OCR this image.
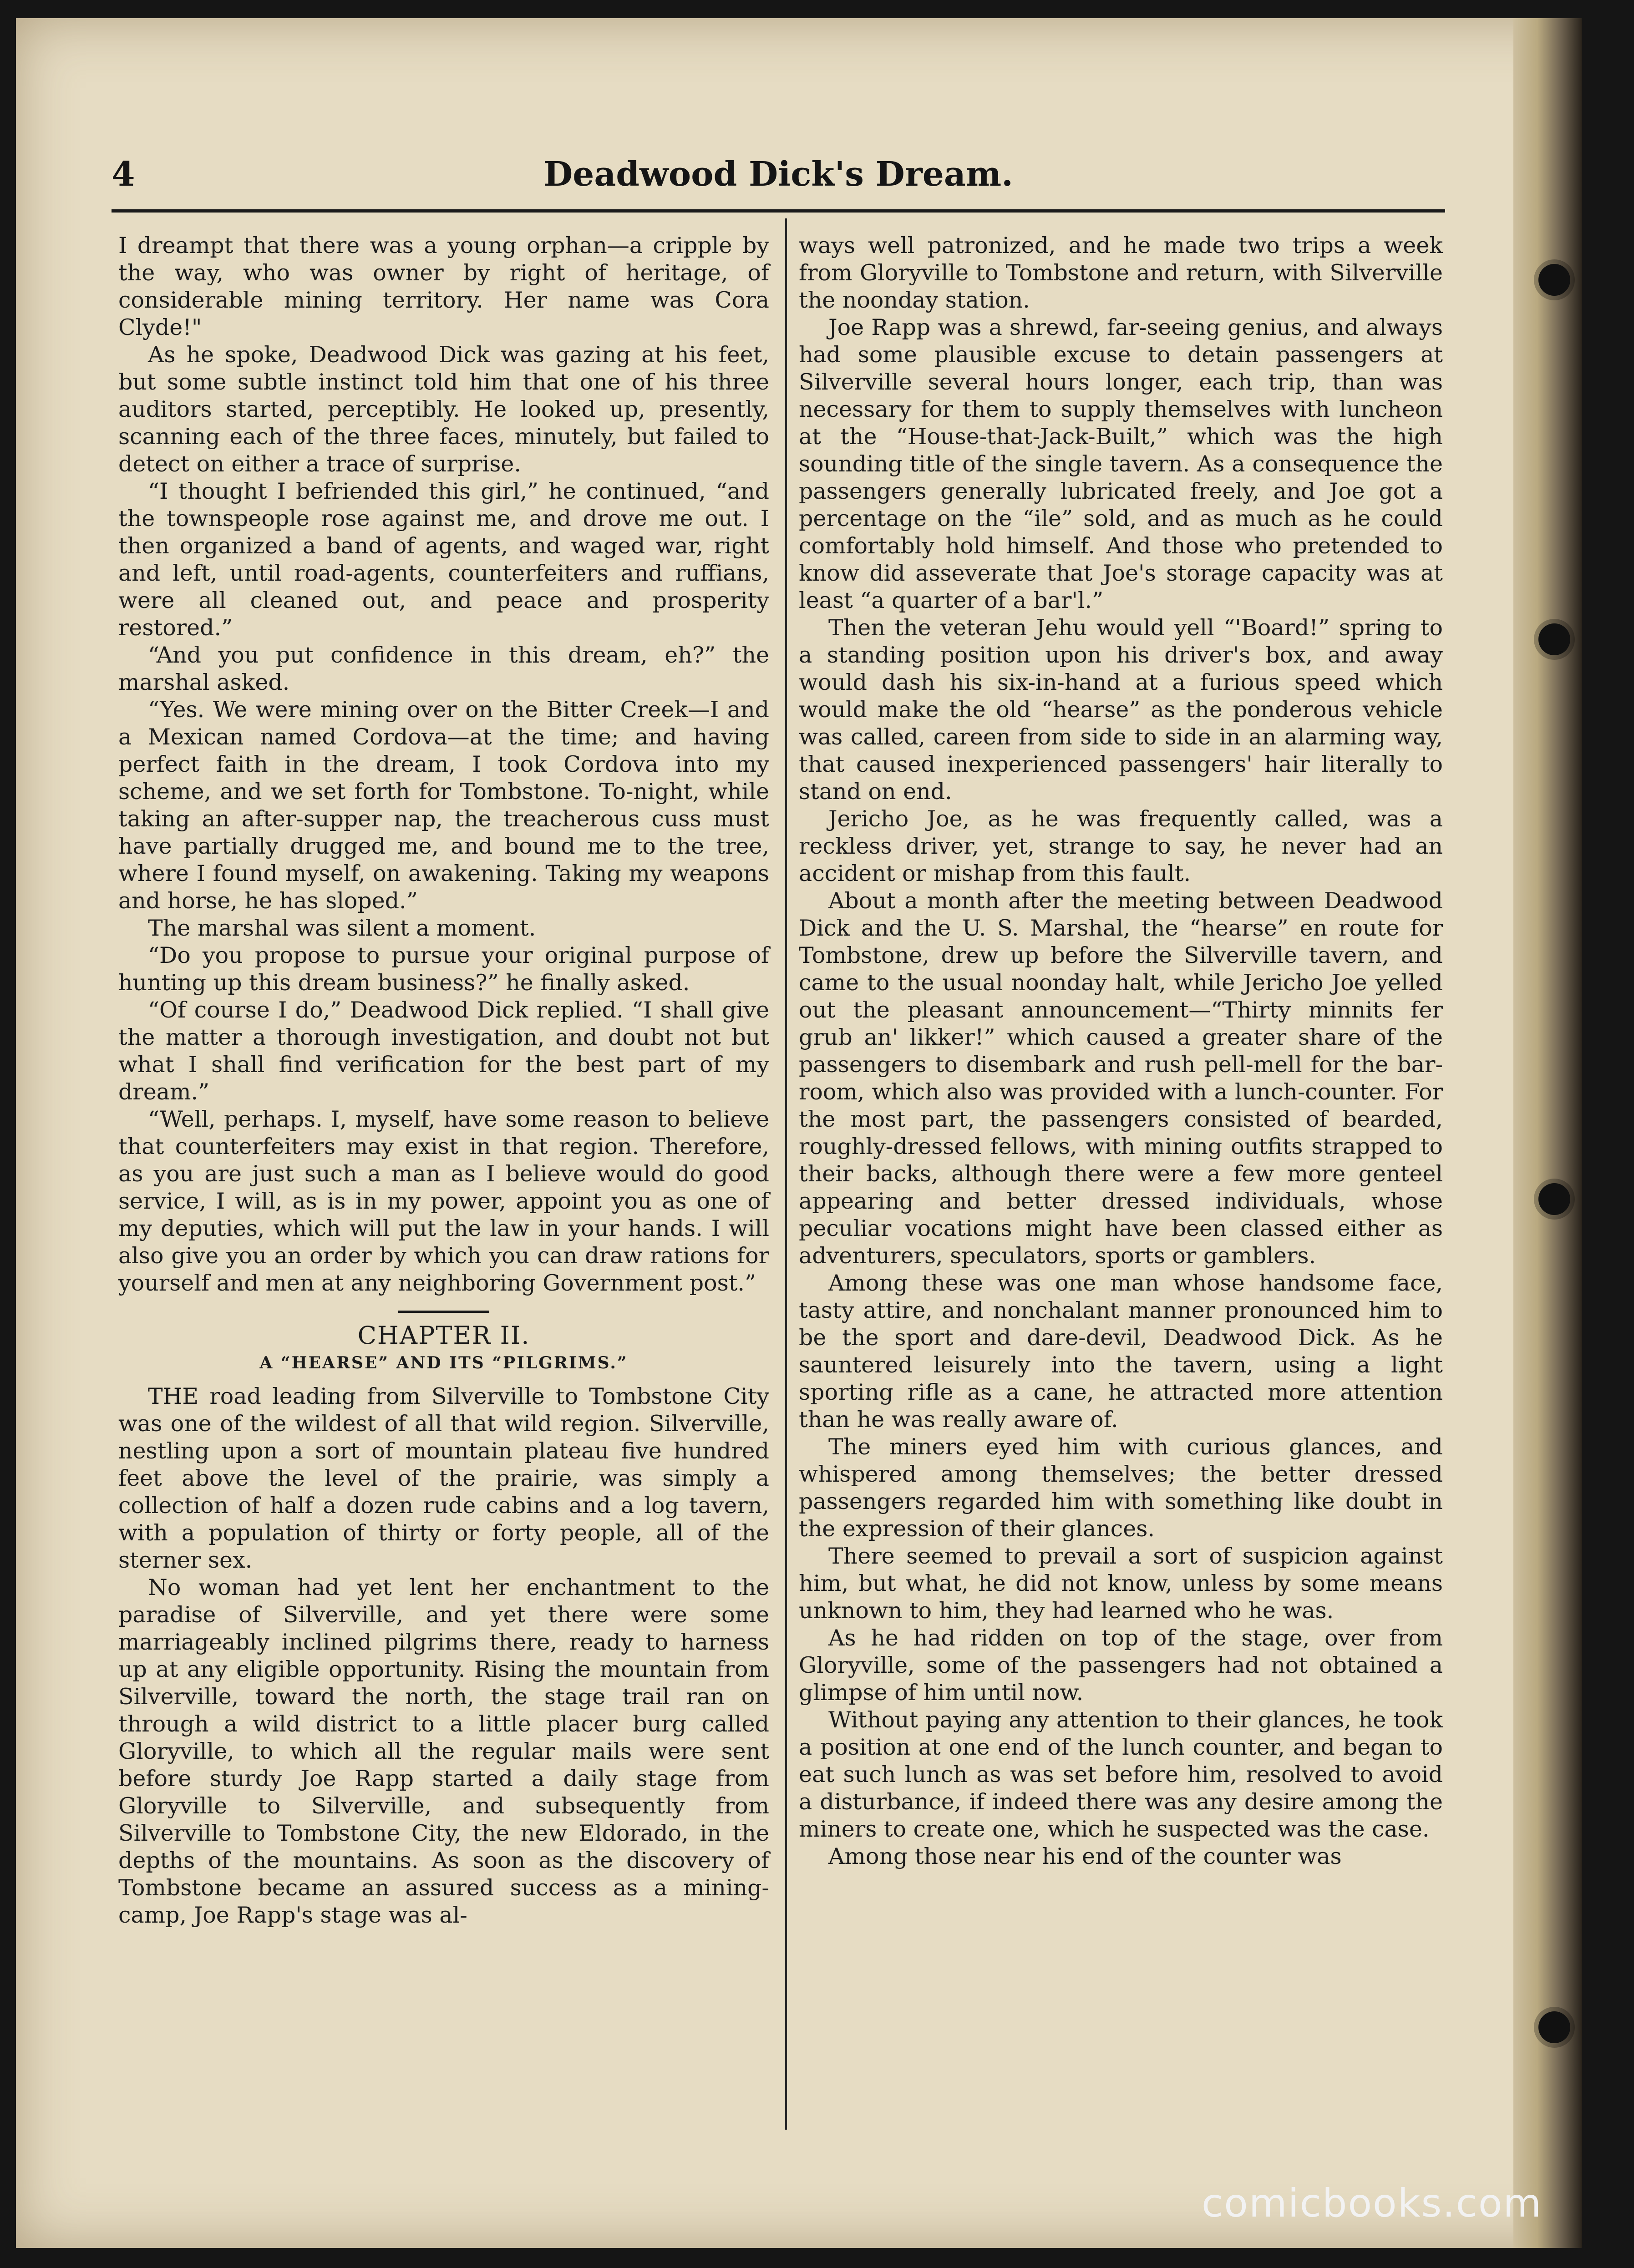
4	Deadwood Dick's Dream.

I dreampt that there was a young orphan—a cripple by the way, who was owner by right of heritage, of considerable mining territory. Her name was Cora Clyde!"

As he spoke, Deadwood Dick was gazing at his feet, but some subtle instinct told him that one of his three auditors started, perceptibly. He looked up, presently, scanning each of the three faces, minutely, but failed to detect on either a trace of surprise.

“I thought I befriended this girl,” he continued, “and the townspeople rose against me, and drove me out. I then organized a band of agents, and waged war, right and left, until road-agents, counterfeiters and ruffians, were all cleaned out, and peace and prosperity restored.”

“And you put confidence in this dream, eh?” the marshal asked.

“Yes. We were mining over on the Bitter Creek—I and a Mexican named Cordova—at the time; and having perfect faith in the dream, I took Cordova into my scheme, and we set forth for Tombstone. To-night, while taking an after-supper nap, the treacherous cuss must have partially drugged me, and bound me to the tree, where I found myself, on awakening. Taking my weapons and horse, he has sloped.”

The marshal was silent a moment.

“Do you propose to pursue your original purpose of hunting up this dream business?” he finally asked.

“Of course I do,” Deadwood Dick replied. “I shall give the matter a thorough investigation, and doubt not but what I shall find verification for the best part of my dream.”

“Well, perhaps. I, myself, have some reason to believe that counterfeiters may exist in that region. Therefore, as you are just such a man as I believe would do good service, I will, as is in my power, appoint you as one of my deputies, which will put the law in your hands. I will also give you an order by which you can draw rations for yourself and men at any neighboring Government post.”

CHAPTER II.
A “HEARSE” AND ITS “PILGRIMS.”

THE road leading from Silverville to Tombstone City was one of the wildest of all that wild region. Silverville, nestling upon a sort of mountain plateau five hundred feet above the level of the prairie, was simply a collection of half a dozen rude cabins and a log tavern, with a population of thirty or forty people, all of the sterner sex.

No woman had yet lent her enchantment to the paradise of Silverville, and yet there were some marriageably inclined pilgrims there, ready to harness up at any eligible opportunity. Rising the mountain from Silverville, toward the north, the stage trail ran on through a wild district to a little placer burg called Gloryville, to which all the regular mails were sent before sturdy Joe Rapp started a daily stage from Gloryville to Silverville, and subsequently from Silverville to Tombstone City, the new Eldorado, in the depths of the mountains. As soon as the discovery of Tombstone became an assured success as a mining-camp, Joe Rapp's stage was al-

ways well patronized, and he made two trips a week from Gloryville to Tombstone and return, with Silverville the noonday station.

Joe Rapp was a shrewd, far-seeing genius, and always had some plausible excuse to detain passengers at Silverville several hours longer, each trip, than was necessary for them to supply themselves with luncheon at the “House-that-Jack-Built,” which was the high sounding title of the single tavern. As a consequence the passengers generally lubricated freely, and Joe got a percentage on the “ile” sold, and as much as he could comfortably hold himself. And those who pretended to know did asseverate that Joe's storage capacity was at least “a quarter of a bar'l.”

Then the veteran Jehu would yell “'Board!” spring to a standing position upon his driver's box, and away would dash his six-in-hand at a furious speed which would make the old “hearse” as the ponderous vehicle was called, careen from side to side in an alarming way, that caused inexperienced passengers' hair literally to stand on end.

Jericho Joe, as he was frequently called, was a reckless driver, yet, strange to say, he never had an accident or mishap from this fault.

About a month after the meeting between Deadwood Dick and the U. S. Marshal, the “hearse” en route for Tombstone, drew up before the Silverville tavern, and came to the usual noonday halt, while Jericho Joe yelled out the pleasant announcement—“Thirty minnits fer grub an' likker!” which caused a greater share of the passengers to disembark and rush pell-mell for the bar-room, which also was provided with a lunch-counter. For the most part, the passengers consisted of bearded, roughly-dressed fellows, with mining outfits strapped to their backs, although there were a few more genteel appearing and better dressed individuals, whose peculiar vocations might have been classed either as adventurers, speculators, sports or gamblers.

Among these was one man whose handsome face, tasty attire, and nonchalant manner pronounced him to be the sport and dare-devil, Deadwood Dick. As he sauntered leisurely into the tavern, using a light sporting rifle as a cane, he attracted more attention than he was really aware of.

The miners eyed him with curious glances, and whispered among themselves; the better dressed passengers regarded him with something like doubt in the expression of their glances.

There seemed to prevail a sort of suspicion against him, but what, he did not know, unless by some means unknown to him, they had learned who he was.

As he had ridden on top of the stage, over from Gloryville, some of the passengers had not obtained a glimpse of him until now.

Without paying any attention to their glances, he took a position at one end of the lunch counter, and began to eat such lunch as was set before him, resolved to avoid a disturbance, if indeed there was any desire among the miners to create one, which he suspected was the case.

Among those near his end of the counter was

comicbooks.com
